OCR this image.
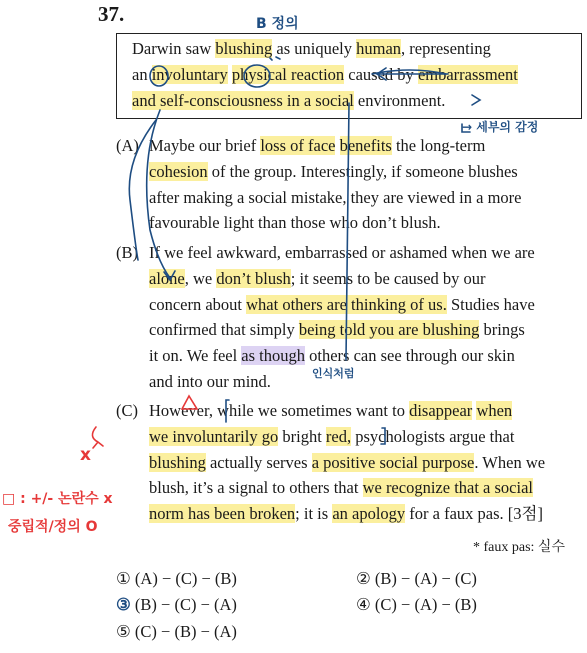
37.
Darwin saw blushing as uniquely human, representing
an involuntary physical reaction caused by embarrassment
and self-consciousness in a social environment.
(A) Maybe our brief loss of face benefits the long-term
cohesion of the group. Interestingly, if someone blushes
after making a social mistake, they are viewed in a more
favourable light than those who don’t blush.
(B) If we feel awkward, embarrassed or ashamed when we are
alone, we don’t blush; it seems to be caused by our
concern about what others are thinking of us. Studies have
confirmed that simply being told you are blushing brings
it on. We feel as though others can see through our skin
and into our mind.
(C) However, while we sometimes want to disappear when
we involuntarily go bright red, psychologists argue that
blushing actually serves a positive social purpose. When we
blush, it’s a signal to others that we recognize that a social
norm has been broken; it is an apology for a faux pas. [3점]
* faux pas: 실수
① (A) − (C) − (B)	② (B) − (A) − (C)
③ (B) − (C) − (A)	④ (C) − (A) − (B)
⑤ (C) − (B) − (A)
B 정의
→ 세부의 감정
인식처럼
x
□ : +/- 논란수 x
중립적/정의 O
